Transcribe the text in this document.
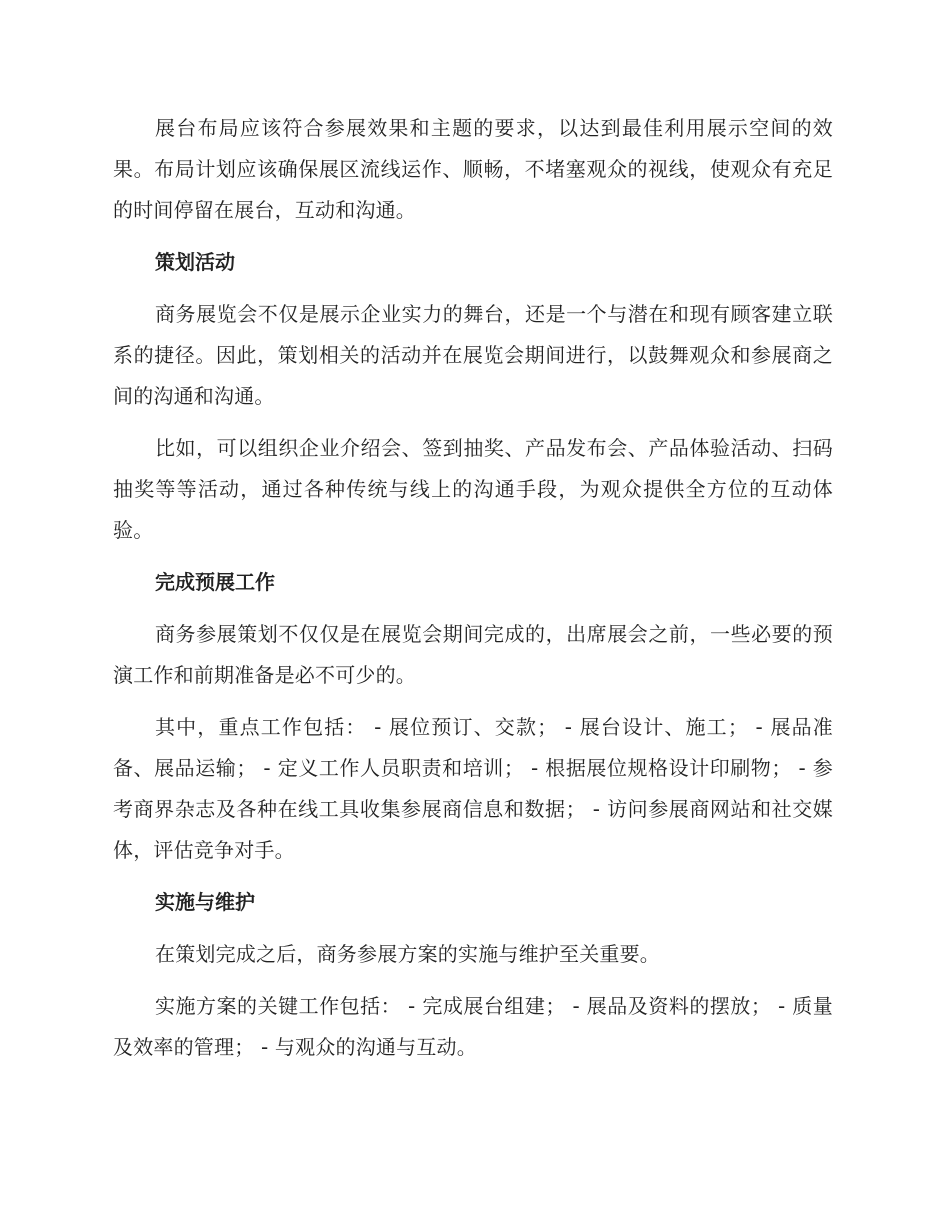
展台布局应该符合参展效果和主题的要求，以达到最佳利用展示空间的效果。布局计划应该确保展区流线运作、顺畅，不堵塞观众的视线，使观众有充足的时间停留在展台，互动和沟通。

策划活动

商务展览会不仅是展示企业实力的舞台，还是一个与潜在和现有顾客建立联系的捷径。因此，策划相关的活动并在展览会期间进行，以鼓舞观众和参展商之间的沟通和沟通。

比如，可以组织企业介绍会、签到抽奖、产品发布会、产品体验活动、扫码抽奖等等活动，通过各种传统与线上的沟通手段，为观众提供全方位的互动体验。

完成预展工作

商务参展策划不仅仅是在展览会期间完成的，出席展会之前，一些必要的预演工作和前期准备是必不可少的。

其中，重点工作包括： - 展位预订、交款； - 展台设计、施工； - 展品准备、展品运输； - 定义工作人员职责和培训； - 根据展位规格设计印刷物； - 参考商界杂志及各种在线工具收集参展商信息和数据； - 访问参展商网站和社交媒体，评估竞争对手。

实施与维护

在策划完成之后，商务参展方案的实施与维护至关重要。

实施方案的关键工作包括： - 完成展台组建； - 展品及资料的摆放； - 质量及效率的管理； - 与观众的沟通与互动。
